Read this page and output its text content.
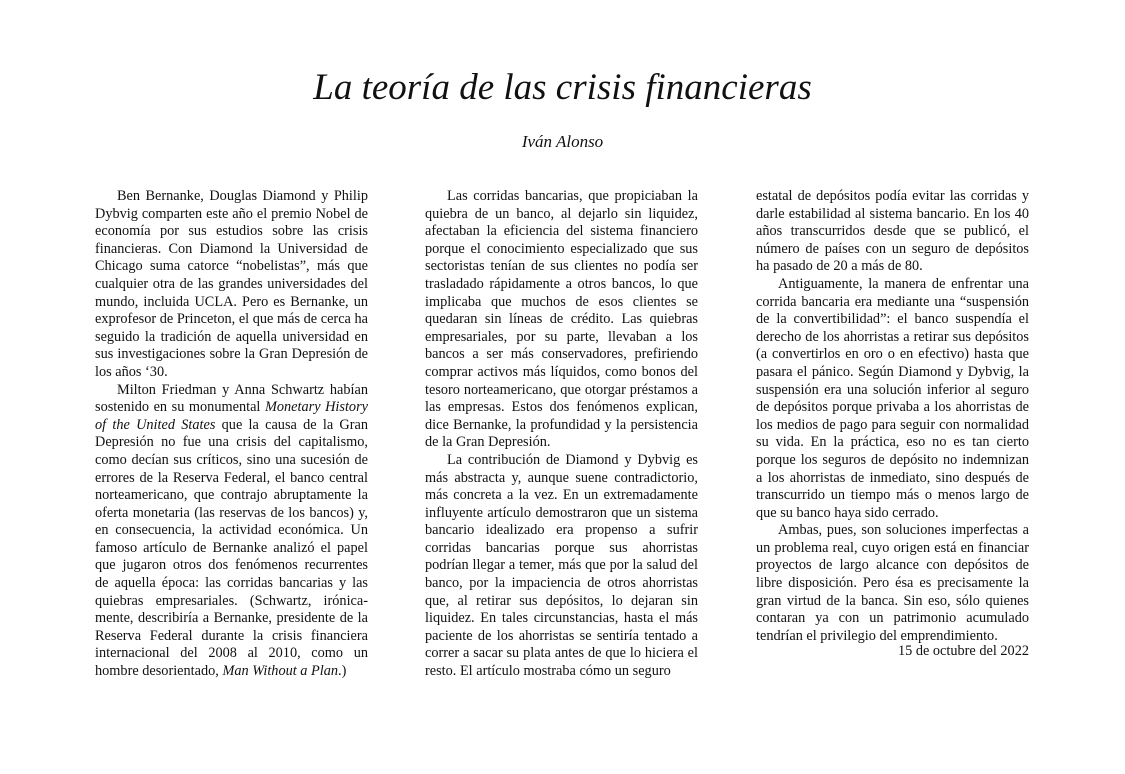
La teoría de las crisis financieras
Iván Alonso

Ben Bernanke, Douglas Diamond y Philip Dybvig comparten este año el premio Nobel de economía por sus estudios sobre las crisis financieras. Con Diamond la Universidad de Chicago suma catorce “nobelistas”, más que cualquier otra de las grandes universidades del mundo, incluida UCLA. Pero es Bernanke, un exprofesor de Princeton, el que más de cerca ha seguido la tradición de aquella universidad en sus investigaciones sobre la Gran Depresión de los años ‘30.

Milton Friedman y Anna Schwartz habían sostenido en su monumental Monetary History of the United States que la causa de la Gran Depresión no fue una crisis del capitalismo, como decían sus críticos, sino una sucesión de errores de la Reserva Federal, el banco central norteamericano, que contrajo abruptamente la oferta monetaria (las reservas de los bancos) y, en consecuencia, la actividad económica. Un famoso artículo de Bernanke analizó el papel que jugaron otros dos fenómenos recurrentes de aquella época: las corridas bancarias y las quiebras empresariales. (Schwartz, irónicamente, describiría a Bernanke, presidente de la Reserva Federal durante la crisis financiera internacional del 2008 al 2010, como un hombre desorientado, Man Without a Plan.)

Las corridas bancarias, que propiciaban la quiebra de un banco, al dejarlo sin liquidez, afectaban la eficiencia del sistema financiero porque el conocimiento especializado que sus sectoristas tenían de sus clientes no podía ser trasladado rápidamente a otros bancos, lo que implicaba que muchos de esos clientes se quedaran sin líneas de crédito. Las quiebras empresariales, por su parte, llevaban a los bancos a ser más conservadores, prefiriendo comprar activos más líquidos, como bonos del tesoro norteamericano, que otorgar préstamos a las empresas. Estos dos fenómenos explican, dice Bernanke, la profundidad y la persistencia de la Gran Depresión.

La contribución de Diamond y Dybvig es más abstracta y, aunque suene contradictorio, más concreta a la vez. En un extremadamente influyente artículo demostraron que un sistema bancario idealizado era propenso a sufrir corridas bancarias porque sus ahorristas podrían llegar a temer, más que por la salud del banco, por la impaciencia de otros ahorristas que, al retirar sus depósitos, lo dejaran sin liquidez. En tales circunstancias, hasta el más paciente de los ahorristas se sentiría tentado a correr a sacar su plata antes de que lo hiciera el resto. El artículo mostraba cómo un seguro

estatal de depósitos podía evitar las corridas y darle estabilidad al sistema bancario. En los 40 años transcurridos desde que se publicó, el número de países con un seguro de depósitos ha pasado de 20 a más de 80.

Antiguamente, la manera de enfrentar una corrida bancaria era mediante una “suspensión de la convertibilidad”: el banco suspendía el derecho de los ahorristas a retirar sus depósitos (a convertirlos en oro o en efectivo) hasta que pasara el pánico. Según Diamond y Dybvig, la suspensión era una solución inferior al seguro de depósitos porque privaba a los ahorristas de los medios de pago para seguir con normalidad su vida. En la práctica, eso no es tan cierto porque los seguros de depósito no indemnizan a los ahorristas de inmediato, sino después de transcurrido un tiempo más o menos largo de que su banco haya sido cerrado.

Ambas, pues, son soluciones imperfectas a un problema real, cuyo origen está en financiar proyectos de largo alcance con depósitos de libre disposición. Pero ésa es precisamente la gran virtud de la banca. Sin eso, sólo quienes contaran ya con un patrimonio acumulado tendrían el privilegio del emprendimiento.

15 de octubre del 2022
